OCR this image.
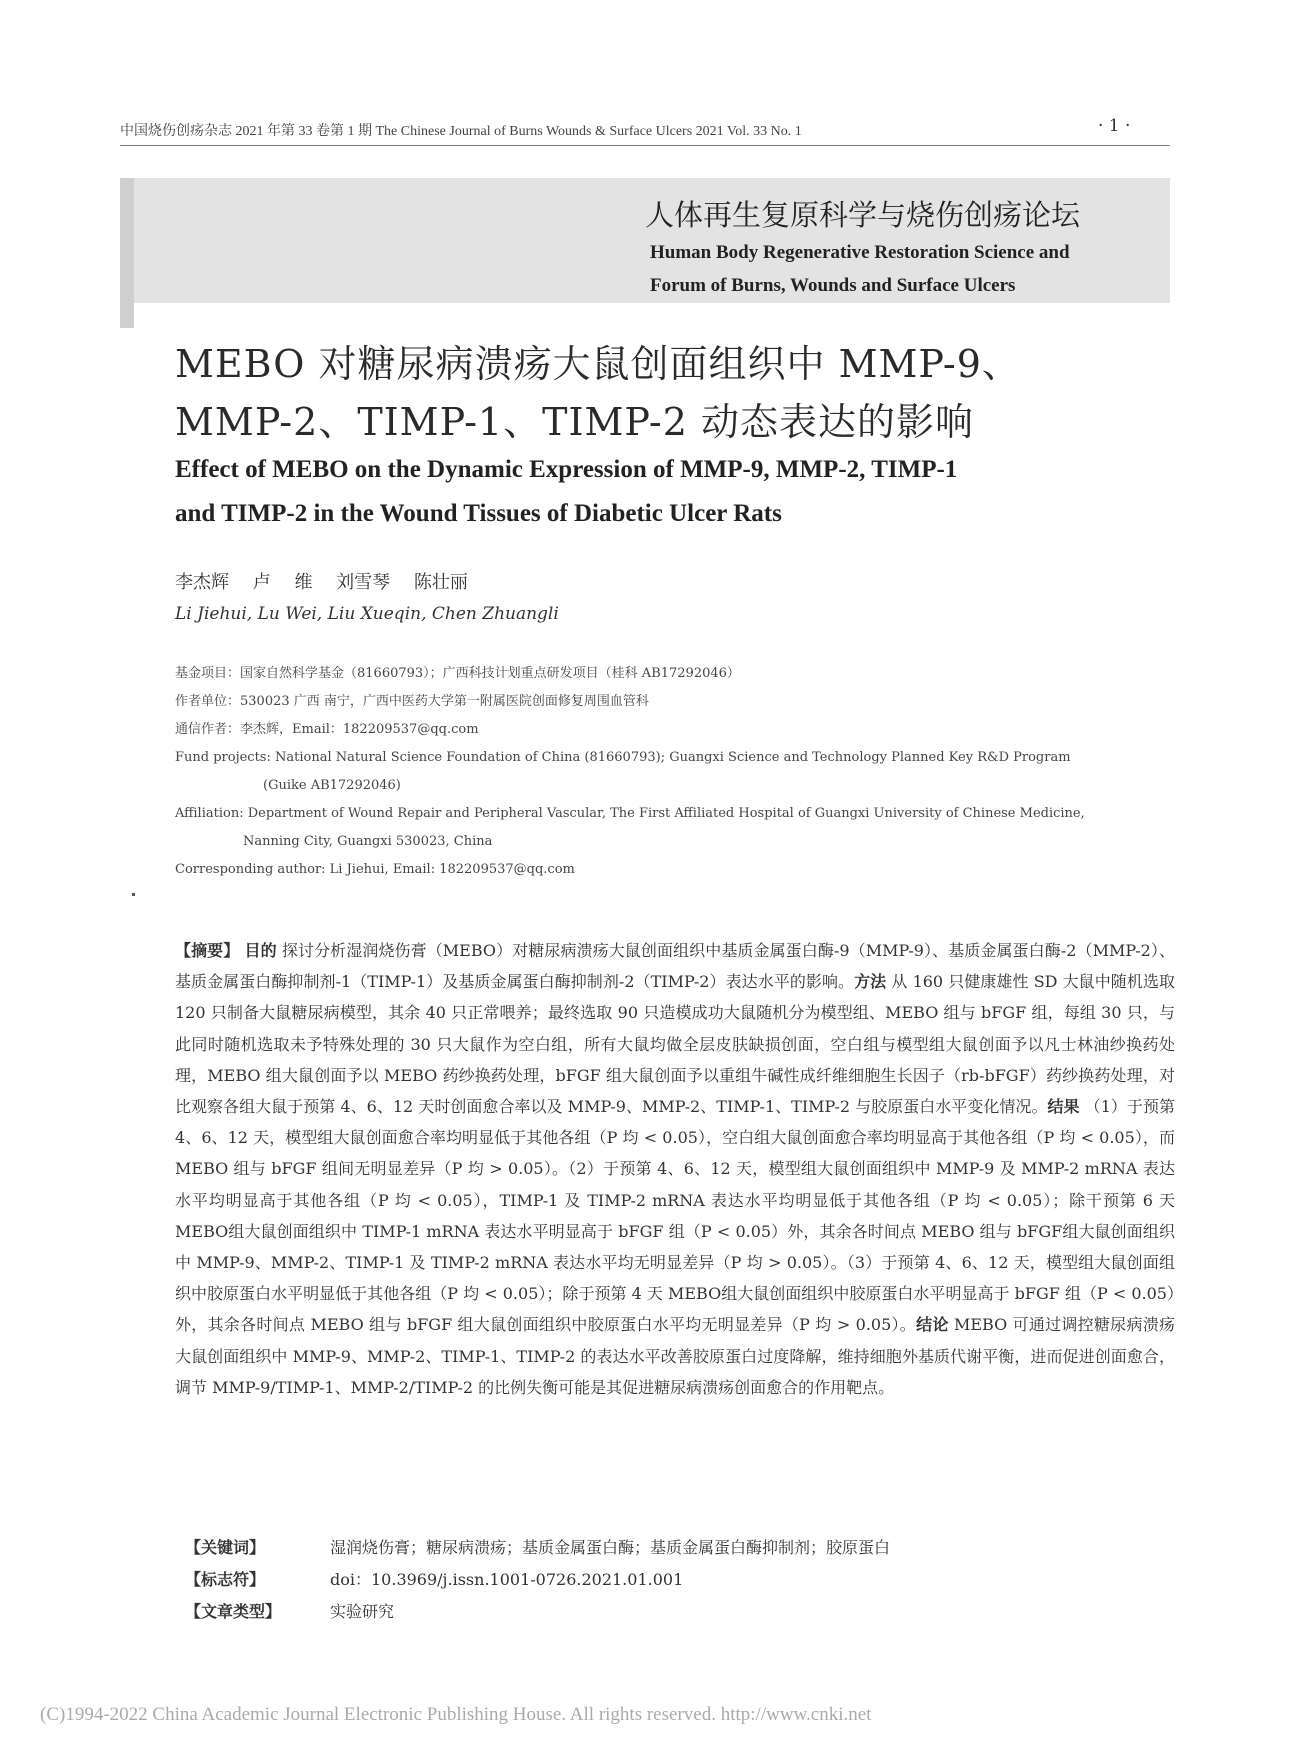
中国烧伤创疡杂志 2021 年第 33 卷第 1 期 The Chinese Journal of Burns Wounds & Surface Ulcers 2021 Vol. 33 No. 1	· 1 ·
人体再生复原科学与烧伤创疡论坛
Human Body Regenerative Restoration Science and
Forum of Burns, Wounds and Surface Ulcers
MEBO 对糖尿病溃疡大鼠创面组织中 MMP-9、
MMP-2、TIMP-1、TIMP-2 动态表达的影响
Effect of MEBO on the Dynamic Expression of MMP-9, MMP-2, TIMP-1
and TIMP-2 in the Wound Tissues of Diabetic Ulcer Rats
李杰辉 卢 维 刘雪琴 陈壮丽
Li Jiehui, Lu Wei, Liu Xueqin, Chen Zhuangli
基金项目：国家自然科学基金（81660793）；广西科技计划重点研发项目（桂科 AB17292046）
作者单位：530023 广西 南宁，广西中医药大学第一附属医院创面修复周围血管科
通信作者：李杰辉，Email：182209537@qq.com
Fund projects: National Natural Science Foundation of China (81660793); Guangxi Science and Technology Planned Key R&D Program
(Guike AB17292046)
Affiliation: Department of Wound Repair and Peripheral Vascular, The First Affiliated Hospital of Guangxi University of Chinese Medicine,
Nanning City, Guangxi 530023, China
Corresponding author: Li Jiehui, Email: 182209537@qq.com
【摘要】 目的 探讨分析湿润烧伤膏（MEBO）对糖尿病溃疡大鼠创面组织中基质金属蛋白酶-9（MMP-9）、基质金属蛋白酶-2（MMP-2）、基质金属蛋白酶抑制剂-1（TIMP-1）及基质金属蛋白酶抑制剂-2（TIMP-2）表达水平的影响。方法 从 160 只健康雄性 SD 大鼠中随机选取 120 只制备大鼠糖尿病模型，其余 40 只正常喂养；最终选取 90 只造模成功大鼠随机分为模型组、MEBO 组与 bFGF 组，每组 30 只，与此同时随机选取未予特殊处理的 30 只大鼠作为空白组，所有大鼠均做全层皮肤缺损创面，空白组与模型组大鼠创面予以凡士林油纱换药处理，MEBO 组大鼠创面予以 MEBO 药纱换药处理，bFGF 组大鼠创面予以重组牛碱性成纤维细胞生长因子（rb-bFGF）药纱换药处理，对比观察各组大鼠于预第 4、6、12 天时创面愈合率以及 MMP-9、MMP-2、TIMP-1、TIMP-2 与胶原蛋白水平变化情况。结果 （1）于预第 4、6、12 天，模型组大鼠创面愈合率均明显低于其他各组（P 均 < 0.05），空白组大鼠创面愈合率均明显高于其他各组（P 均 < 0.05），而 MEBO 组与 bFGF 组间无明显差异（P 均 > 0.05）。（2）于预第 4、6、12 天，模型组大鼠创面组织中 MMP-9 及 MMP-2 mRNA 表达水平均明显高于其他各组（P 均 < 0.05），TIMP-1 及 TIMP-2 mRNA 表达水平均明显低于其他各组（P 均 < 0.05）；除干预第 6 天 MEBO组大鼠创面组织中 TIMP-1 mRNA 表达水平明显高于 bFGF 组（P < 0.05）外，其余各时间点 MEBO 组与 bFGF组大鼠创面组织中 MMP-9、MMP-2、TIMP-1 及 TIMP-2 mRNA 表达水平均无明显差异（P 均 > 0.05）。（3）于预第 4、6、12 天，模型组大鼠创面组织中胶原蛋白水平明显低于其他各组（P 均 < 0.05）；除于预第 4 天 MEBO组大鼠创面组织中胶原蛋白水平明显高于 bFGF 组（P < 0.05）外，其余各时间点 MEBO 组与 bFGF 组大鼠创面组织中胶原蛋白水平均无明显差异（P 均 > 0.05）。结论 MEBO 可通过调控糖尿病溃疡大鼠创面组织中 MMP-9、MMP-2、TIMP-1、TIMP-2 的表达水平改善胶原蛋白过度降解，维持细胞外基质代谢平衡，进而促进创面愈合，调节 MMP-9/TIMP-1、MMP-2/TIMP-2 的比例失衡可能是其促进糖尿病溃疡创面愈合的作用靶点。
【关键词】	湿润烧伤膏；糖尿病溃疡；基质金属蛋白酶；基质金属蛋白酶抑制剂；胶原蛋白
【标志符】	doi：10.3969/j.issn.1001-0726.2021.01.001
【文章类型】	实验研究
(C)1994-2022 China Academic Journal Electronic Publishing House. All rights reserved. http://www.cnki.net
